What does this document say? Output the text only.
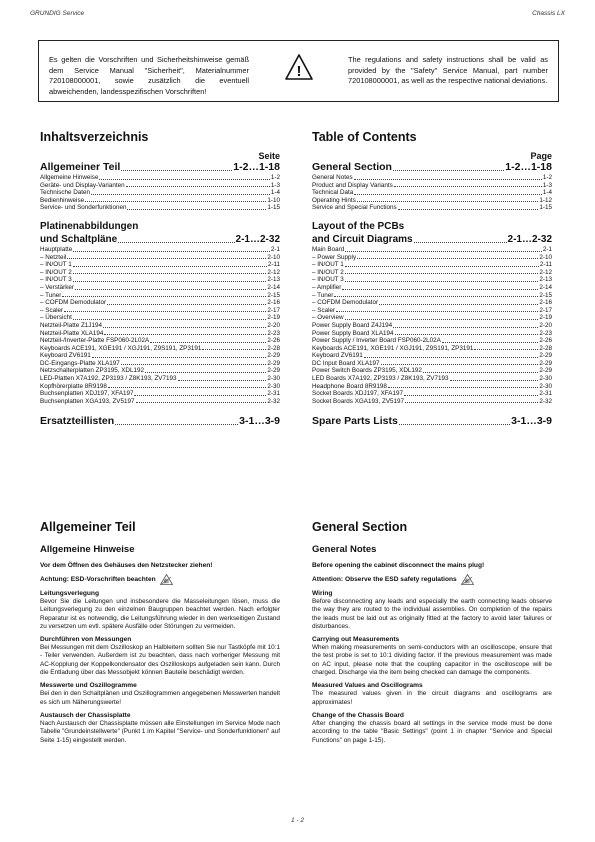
GRUNDIG Service	Chassis LX

Es gelten die Vorschriften und Sicherheitshinweise gemäß dem Service Manual "Sicherheit", Materialnummer 720108000001, sowie zusätzlich die eventuell abweichenden, landesspezifischen Vorschriften!

!

The regulations and safety instructions shall be valid as provided by the "Safety" Service Manual, part number 720108000001, as well as the respective national deviations.

Inhaltsverzeichnis
Seite
Allgemeiner Teil	1-2…1-18
Allgemeine Hinweise	1-2
Geräte- und Display-Varianten	1-3
Technische Daten	1-4
Bedienhinweise	1-10
Service- und Sonderfunktionen	1-15
Platinenabbildungen
und Schaltpläne	2-1…2-32
Hauptplatte	2-1
– Netzteil	2-10
– IN/OUT 1	2-11
– IN/OUT 2	2-12
– IN/OUT 3	2-13
– Verstärker	2-14
– Tuner	2-15
– COFDM Demodulator	2-16
– Scaler	2-17
– Übersicht	2-19
Netzteil-Platte Z1J194	2-20
Netzteil-Platte XLA194	2-23
Netzteil-/Inverter-Platte FSP060-2L02A	2-26
Keyboards ACE191, XGE191 / XGJ191, Z9S191, ZP3191	2-28
Keyboard ZV6191	2-29
DC-Eingangs-Platte XLA197	2-29
Netzschalterplatten ZP3195, XDL192	2-29
LED-Platten X7A192, ZP3193 / Z8K193, ZV7193	2-30
Kopfhörerplatte 8R9198	2-30
Buchsenplatten XDJ197, XFA197	2-31
Buchsenplatten XGA193, ZV5197	2-32
Ersatzteillisten	3-1…3-9
Table of Contents
Page
General Section	1-2…1-18
General Notes	1-2
Product and Display Variants	1-3
Technical Data	1-4
Operating Hints	1-12
Service and Special Functions	1-15
Layout of the PCBs
and Circuit Diagrams	2-1…2-32
Main Board	2-1
– Power Supply	2-10
– IN/OUT 1	2-11
– IN/OUT 2	2-12
– IN/OUT 3	2-13
– Amplifier	2-14
– Tuner	2-15
– COFDM Demodulator	2-16
– Scaler	2-17
– Overview	2-19
Power Supply Board Z4J194	2-20
Power Supply Board XLA194	2-23
Power Supply / Inverter Board FSP060-2L02A	2-26
Keyboards ACE191, XGE191 / XGJ191, Z9S191, ZP3191	2-28
Keyboard ZV6191	2-29
DC Input Board XLA197	2-29
Power Switch Boards ZP3195, XDL192	2-29
LED Boards X7A192, ZP3193 / Z8K193, ZV7193	2-30
Headphone Board 8R9198	2-30
Socket Boards XDJ197, XFA197	2-31
Socket Boards XGA193, ZV5197	2-32
Spare Parts Lists	3-1…3-9
Allgemeiner Teil
Allgemeine Hinweise

Vor dem Öffnen des Gehäuses den Netzstecker ziehen!

Achtung: ESD-Vorschriften beachten

Leitungsverlegung

Bevor Sie die Leitungen und insbesondere die Masseleitungen lösen, muss die Leitungsverlegung zu den einzelnen Baugruppen beachtet werden. Nach erfolgter Reparatur ist es notwendig, die Leitungsführung wieder in den werkseitigen Zustand zu versetzen um evtl. spätere Ausfälle oder Störungen zu vermeiden.

Durchführen von Messungen

Bei Messungen mit dem Oszilloskop an Halbleitern sollten Sie nur Tastköpfe mit 10:1 - Teiler verwenden. Außerdem ist zu beachten, dass nach vorheriger Messung mit AC-Kopplung der Koppelkondensator des Oszilloskops aufgeladen sein kann. Durch die Entladung über das Messobjekt können Bauteile beschädigt werden.

Messwerte und Oszillogramme

Bei den in den Schaltplänen und Oszillogrammen angegebenen Messwerten handelt es sich um Näherungswerte!

Austausch der Chassisplatte

Nach Austausch der Chassisplatte müssen alle Einstellungen im Service Mode nach Tabelle "Grundeinstellwerte" (Punkt 1 im Kapitel "Service- und Sonderfunktionen" auf Seite 1-15) eingestellt werden.

General Section
General Notes

Before opening the cabinet disconnect the mains plug!

Attention: Observe the ESD safety regulations

Wiring

Before disconnecting any leads and especially the earth connecting leads observe the way they are routed to the individual assemblies. On completion of the repairs the leads must be laid out as originally fitted at the factory to avoid later failures or disturbances.

Carrying out Measurements

When making measurements on semi-conductors with an oscilloscope, ensure that the test probe is set to 10:1 dividing factor. If the previous measurement was made on AC input, please note that the coupling capacitor in the oscilloscope will be charged. Discharge via the item being checked can damage the components.

Measured Values and Oscillograms

The measured values given in the circuit diagrams and oscillograms are approximates!

Change of the Chassis Board

After changing the chassis board all settings in the service mode must be done according to the table "Basic Settings" (point 1 in chapter "Service and Special Functions" on page 1-15).

1 - 2
